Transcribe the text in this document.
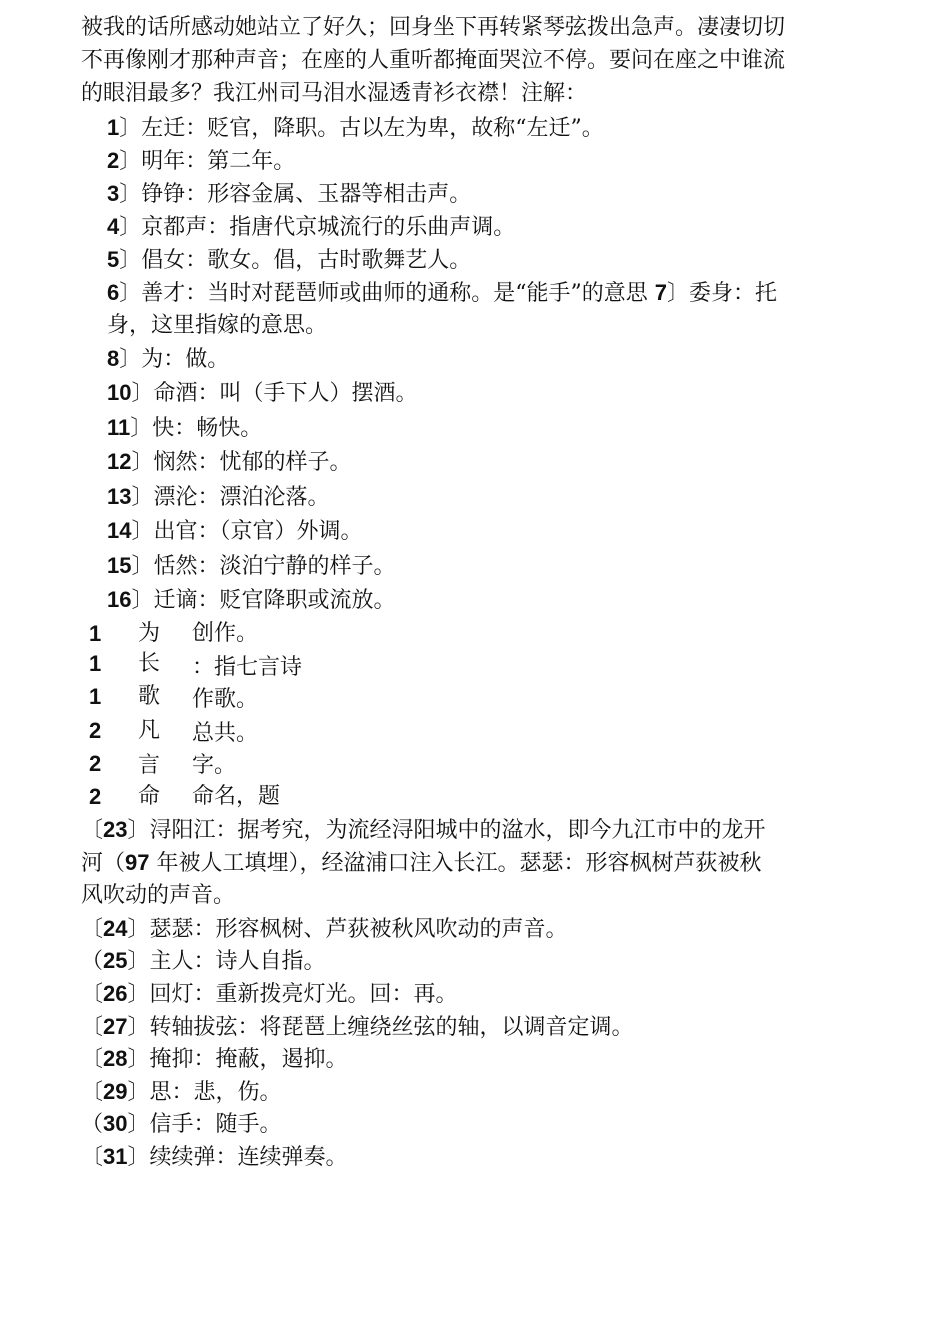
被我的话所感动她站立了好久；回身坐下再转紧琴弦拨出急声。凄凄切切
不再像刚才那种声音；在座的人重听都掩面哭泣不停。要问在座之中谁流
的眼泪最多？我江州司马泪水湿透青衫衣襟！注解：
1〕左迁：贬官，降职。古以左为卑，故称“左迁”。
2〕明年：第二年。
3〕铮铮：形容金属、玉器等相击声。
4〕京都声：指唐代京城流行的乐曲声调。
5〕倡女：歌女。倡，古时歌舞艺人。
6〕善才：当时对琵琶师或曲师的通称。是“能手”的意思 7〕委身：托
身，这里指嫁的意思。
8〕为：做。
10〕命酒：叫（手下人）摆酒。
11〕快：畅快。
12〕悯然：忧郁的样子。
13〕漂沦：漂泊沦落。
14〕出官：（京官）外调。
15〕恬然：淡泊宁静的样子。
16〕迁谪：贬官降职或流放。
1 为 创作。
1 长 ：指七言诗
1 歌 作歌。
2 凡 总共。
2 言 字。
2 命 命名，题
〔23〕浔阳江：据考究，为流经浔阳城中的湓水，即今九江市中的龙开
河（97 年被人工填埋），经湓浦口注入长江。瑟瑟：形容枫树芦荻被秋
风吹动的声音。
〔24〕瑟瑟：形容枫树、芦荻被秋风吹动的声音。
（25〕主人：诗人自指。
〔26〕回灯：重新拨亮灯光。回：再。
〔27〕转轴拔弦：将琵琶上缠绕丝弦的轴，以调音定调。
〔28〕掩抑：掩蔽，遏抑。
〔29〕思：悲，伤。
（30〕信手：随手。
〔31〕续续弹：连续弹奏。
